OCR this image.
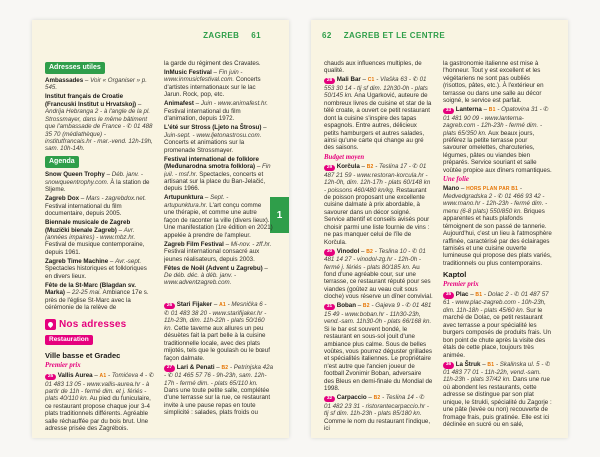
ZAGREB 61
1
Adresses utiles

Ambassades – Voir « Organiser » p. 545.

Institut français de Croatie (Francuski Institut u Hrvatskoj) – Andrija Hebranga 2 - à l'angle de la pl. Strossmayer, dans le même bâtiment que l'ambassade de France - ✆ 01 488 35 70 (médiathèque) - institutfrancais.hr - mar.-vend. 12h-19h, sam. 10h-14h.

Agenda

Snow Queen Trophy – Déb. janv. - snowqueentrophy.com. À la station de Sljeme.

Zagreb Dox – Mars - zagrebdox.net. Festival international du film documentaire, depuis 2005.

Biennale musicale de Zagreb (Muzički bienale Zagreb) – Avr. (années impaires) - www.mbz.hr. Festival de musique contemporaine, depuis 1961.

Zagreb Time Machine – Avr.-sept. Spectacles historiques et folkloriques en divers lieux.

Fête de la St-Marc (Blagdan sv. Marka) – 22-25 mai. Ambiance 17e s. près de l'église St-Marc avec la cérémonie de la relève de

Nos adresses
Restauration
Ville basse et Gradec
Premier prix

25 Vallis Aurea – A1 - Tomićeva 4 - ✆ 01 483 13 05 - www.vallis-aurea.hr - à partir de 11h - fermé dim. et j. fériés - plats 40/110 kn. Au pied du funiculaire, ce restaurant propose chaque jour 3-4 plats traditionnels différents. Agréable salle réchauffée par du bois brut. Une adresse prisée des Zagrébois.

la garde du régiment des Cravates.

InMusic Festival – Fin juin - www.inmusicfestival.com. Concerts d'artistes internationaux sur le lac Jarun. Rock, pop, etc.

Animafest – Juin - www.animafest.hr. Festival international du film d'animation, depuis 1972.

L'été sur Stross (Ljeto na Štrosu) – Juin-sept. - www.ljetonastrosu.com. Concerts et animations sur la promenade Strossmayer.

Festival international de folklore (Međunarodna smotra folklora) – Fin juil. - msf.hr. Spectacles, concerts et artisanat sur la place du Ban-Jelačić, depuis 1966.

Artupunktura – Sept. - artupunktura.hr. L'art conçu comme une thérapie, et comme une autre façon de raconter la ville (divers lieux). Une manifestation (1re édition en 2021) appelée à prendre de l'ampleur.

Zagreb Film Festival – Mi-nov. - zff.hr. Festival international consacré aux jeunes réalisateurs, depuis 2003.

Fêtes de Noël (Advent u Zagrebu) – De déb. déc. à déb. janv. - www.adventzagreb.com.

26 Stari Fijaker – A1 - Mesnička 6 - ✆ 01 483 38 20 - www.starifijaker.hr - 11h-23h, dim. 11h-22h - plats 50/160 kn. Cette taverne aux allures un peu désuètes fait la part belle à la cuisine traditionnelle locale, avec des plats mijotés, tels que le goulash ou le bœuf façon dalmate.

27 Lari & Penati – B2 - Petrinjska 42a - ✆ 01 465 57 76 - 9h-23h, sam. 12h-17h - fermé dim. - plats 65/110 kn. Dans une toute petite salle, complétée d'une terrasse sur la rue, ce restaurant invite à une pause repas en toute simplicité : salades, plats froids ou

62 ZAGREB ET LE CENTRE

chauds aux influences multiples, de qualité.

28 Mali Bar – C1 - Vlaška 63 - ✆ 01 553 30 14 - tlj sf dim. 12h30-0h - plats 50/145 kn. Ana Ugarković, auteure de nombreux livres de cuisine et star de la télé croate, a ouvert ce petit restaurant dont la cuisine s'inspire des tapas espagnols. Entre autres, délicieux petits hamburgers et autres salades, ainsi qu'une carte qui change au gré des saisons.

Budget moyen

29 Korčula – B2 - Teslina 17 - ✆ 01 487 21 59 - www.restoran-korcula.hr - 12h-0h, dim. 12h-17h - plats 60/148 kn - poissons 460/480 kn/kg. Restaurant de poisson proposant une excellente cuisine dalmate à prix abordable, à savourer dans un décor soigné. Service attentif et conseils avisés pour choisir parmi une liste fournie de vins : ne pas manquer celui de l'île de Korčula.

30 Vinodol – B2 - Teslina 10 - ✆ 01 481 14 27 - vinodol-zg.hr - 12h-0h - fermé j. fériés - plats 80/185 kn. Au fond d'une agréable cour, sur une terrasse, ce restaurant réputé pour ses viandes (goûtez au veau cuit sous cloche) vous réserve un dîner convivial.

31 Boban – B2 - Gajeva 9 - ✆ 01 481 15 49 - www.boban.hr - 11h30-23h, vend.-sam. 11h30-0h - plats 66/168 kn. Si le bar est souvent bondé, le restaurant en sous-sol jouit d'une ambiance plus calme. Sous de belles voûtes, vous pourrez déguster grillades et spécialités italiennes. Le propriétaire n'est autre que l'ancien joueur de football Zvonimir Boban, adversaire des Bleus en demi-finale du Mondial de 1998.

32 Carpaccio – B2 - Teslina 14 - ✆ 01 482 23 31 - ristorantecarpaccio.hr - tlj sf dim. 11h-23h - plats 85/180 kn. Comme le nom du restaurant l'indique, ici

la gastronomie italienne est mise à l'honneur. Tout y est excellent et les végétariens ne sont pas oubliés (risottos, pâtes, etc.). À l'extérieur en terrasse ou dans une salle au décor soigné, le service est parfait.

33 Lanterna – B1 - Opatovina 31 - ✆ 01 481 90 09 - www.lanterna-zagreb.com - 12h-23h - fermé dim. - plats 65/350 kn. Aux beaux jours, préférez la petite terrasse pour savourer omelettes, charcuteries, légumes, pâtes ou viandes bien préparés. Service souriant et salle voûtée propice aux dîners romantiques.

Une folie

Mano – HORS PLAN PAR B1 - Medvedgradska 2 - ✆ 01 466 93 42 - www.mano.hr - 12h-23h - fermé dim. - menu (6-8 plats) 550/850 kn. Briques apparentes et hauts plafonds témoignent de son passé de tannerie. Aujourd'hui, c'est un lieu à l'atmosphère raffinée, caractérisé par des éclairages tamisés et une cuisine ouverte lumineuse qui propose des plats variés, traditionnels ou plus contemporains.

Kaptol
Premier prix

35 Plac – B1 - Dolac 2 - ✆ 01 487 57 61 - www.plac-zagreb.com - 10h-23h, dim. 11h-18h - plats 45/60 kn. Sur le marché de Dolac, ce petit restaurant avec terrasse a pour spécialité les burgers composés de produits frais. Un bon point de chute après la visite des étals de cette place, toujours très animée.

36 La Štruk – B1 - Skalinska ul. 5 - ✆ 01 483 77 01 - 11h-22h, vend.-sam. 11h-23h - plats 37/42 kn. Dans une rue où abondent les restaurants, cette adresse se distingue par son plat unique, le štrukli, spécialité du Zagorje : une pâte (levée ou non) recouverte de fromage frais, puis gratinée. Elle est ici déclinée en sucré ou en salé,
